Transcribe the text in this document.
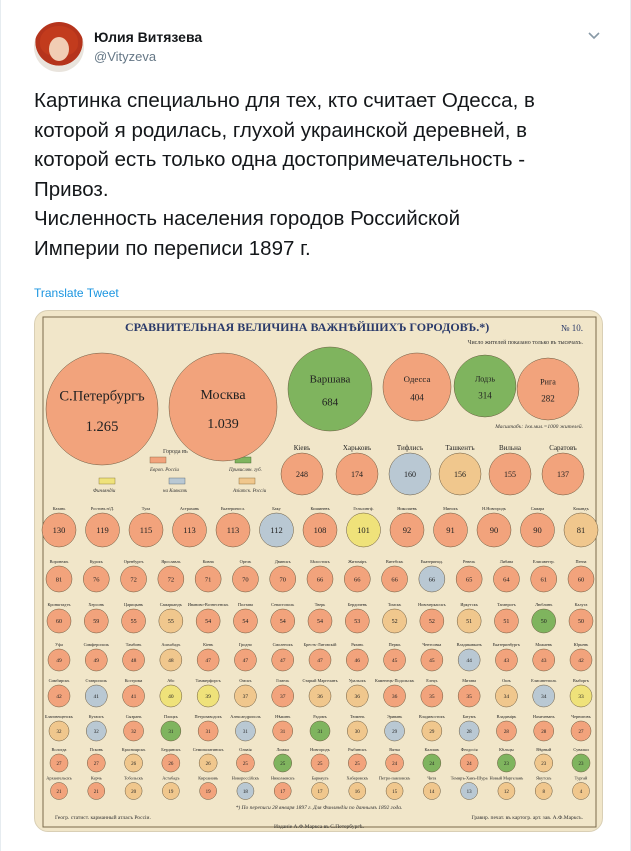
Юлия Витязева
@Vityzeva
Картинка специально для тех, кто считает Одесса, в
которой я родилась, глухой украинской деревней, в
которой есть только одна достопримечательность -
Привоз.
Численность населения городов Российской
Империи по переписи 1897 г.
Translate Tweet
СРАВНИТЕЛЬНАЯ ВЕЛИЧИНА ВАЖНѢЙШИХЪ ГОРОДОВЪ.*)	№ 10.
Число жителей показано только въ тысячахъ.
Масштабъ: 1кв.мил.=1000 жителей.
Города въ
Европ. Россіи	Привислян. губ.
Финляндіи	на Кавказѣ	Азіатск. Россіи
1.265
С.Петербургъ
1.039
Москва	684
Варшава
404
Одесса
314
Лодзь
282
Рига
248
Кіевъ
174
Харьковъ
160
Тифлисъ
156
Ташкентъ
155
Вильна
137
Саратовъ
130
Казань
119
Ростовъ н/Д.
115
Тула
113
Астрахань
113
Екатериносл.
112
Баку
108
Кишиневъ
101
Гельсингф.
92
Николаевъ
91
Минскъ
90
Н.Новгородъ
90
Самара
81
Кокандъ
81
Воронежъ
76
Курскъ
72
Оренбургъ
72
Ярославль
71
Ковна
70
Орелъ
70
Двинскъ
66
Бѣлостокъ
66
Житоміръ
66
Витебскъ
66
Екатеринод.
65
Ревель
64
Либава
61
Елисаветгр.
60
Пенза
60
Кронштадтъ
59
Херсонъ
55
Царицынъ
55
Самаркандъ
54
Иваново-Вознесенскъ
54
Полтава
54
Севастополь
54
Тверь
53
Бердичевъ
52
Томскъ
52
Новочеркасскъ
51
Иркутскъ
51
Таганрогъ
50
Люблинъ
50
Калуга
49
Уфа
49
Симферополь
48
Тамбовъ
48
Ашхабадъ
47
Кіевъ
47
Гродно
47
Смоленскъ
47
Брестъ-Литовскій
46
Рязань
45
Пермь
45
Чентсовка
44
Владикавказъ
43
Екатеринбургъ
43
Можаевъ
42
Юрьевъ
42
Симбирскъ
41
Ставрополь
41
Кострома
40
Або
39
Таммерфорсъ
37
Омскъ
37
Гомель
36
Старый Маргеланъ
36
Уральскъ
36
Каменецъ-Подольскъ
35
Елецъ
35
Митава
34
Ошъ
34
Елисаветполь
33
Выборгъ
32
Благовещенскъ
32
Кутаисъ
32
Сызрань
31
Плоцкъ
31
Петрозаводскъ
31
Александрополь
31
Нѣжинъ
31
Радомъ
30
Тюмень
29
Эривань
29
Владивостокъ
28
Батумъ
28
Владиміръ
28
Нахичевань
27
Черниговъ
27
Вологда
27
Псковъ
26
Красноярскъ
26
Бердянскъ
26
Семипалатинскъ
25
Ольвія
25
Ломжа
25
Новгородъ
25
Рыбинскъ
24
Вятка
24
Калишъ
24
Феодосія
23
Кѣльцы
23
Вѣрный
23
Сувалки
21
Архангельскъ
21
Керчь
20
Тобольскъ
19
Астабадъ
19
Кирсановъ
18
Новороссійскъ
17
Николаевскъ
17
Барнаулъ
16
Хабаровскъ
15
Петро-павловскъ
14
Чита
13
Темиръ-Ханъ-Шура
12
Новый Маргеланъ
8
Якутскъ
4
Тургай
*) По переписи 28 января 1897 г. Для Финляндіи по даннымъ 1892 года.
Геогр. статист. карманный атласъ Россіи.	Гравир. печат. въ картогр. арт. зав. А.Ф.Марксъ.
Изданіе А.Ф.Маркса въ С.Петербургѣ.
